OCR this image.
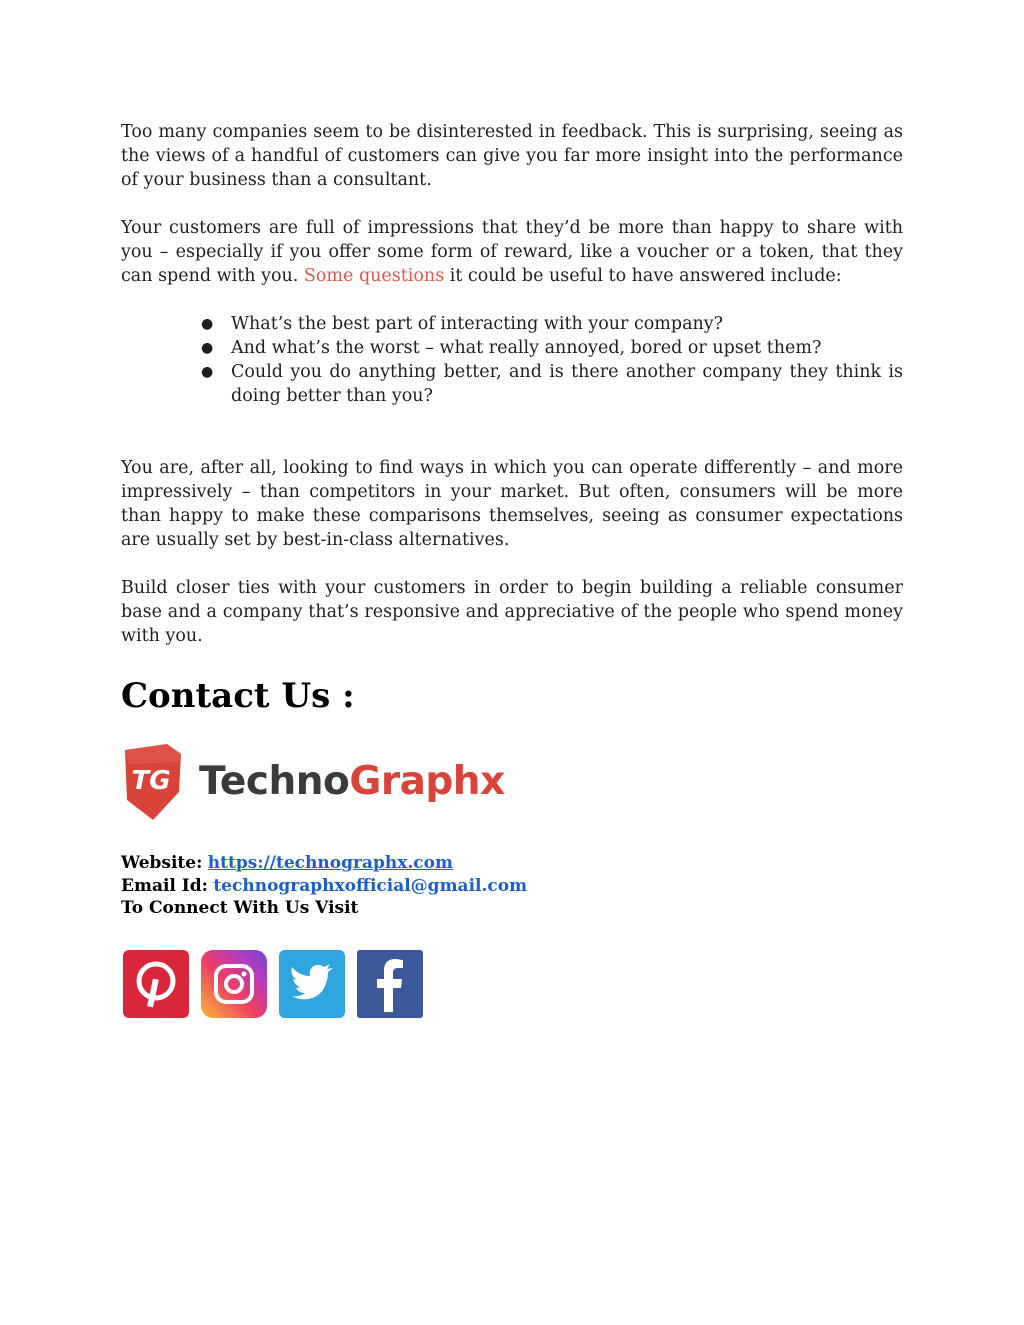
Too many companies seem to be disinterested in feedback. This is surprising, seeing as the views of a handful of customers can give you far more insight into the performance of your business than a consultant.

Your customers are full of impressions that they’d be more than happy to share with you – especially if you offer some form of reward, like a voucher or a token, that they can spend with you. Some questions it could be useful to have answered include:

● What’s the best part of interacting with your company?
● And what’s the worst – what really annoyed, bored or upset them?
● Could you do anything better, and is there another company they think is doing better than you?

You are, after all, looking to find ways in which you can operate differently – and more impressively – than competitors in your market. But often, consumers will be more than happy to make these comparisons themselves, seeing as consumer expectations are usually set by best-in-class alternatives.

Build closer ties with your customers in order to begin building a reliable consumer base and a company that’s responsive and appreciative of the people who spend money with you.

Contact Us :
TG TechnoGraphx
Website: https://technographx.com
Email Id: technographxofficial@gmail.com
To Connect With Us Visit
